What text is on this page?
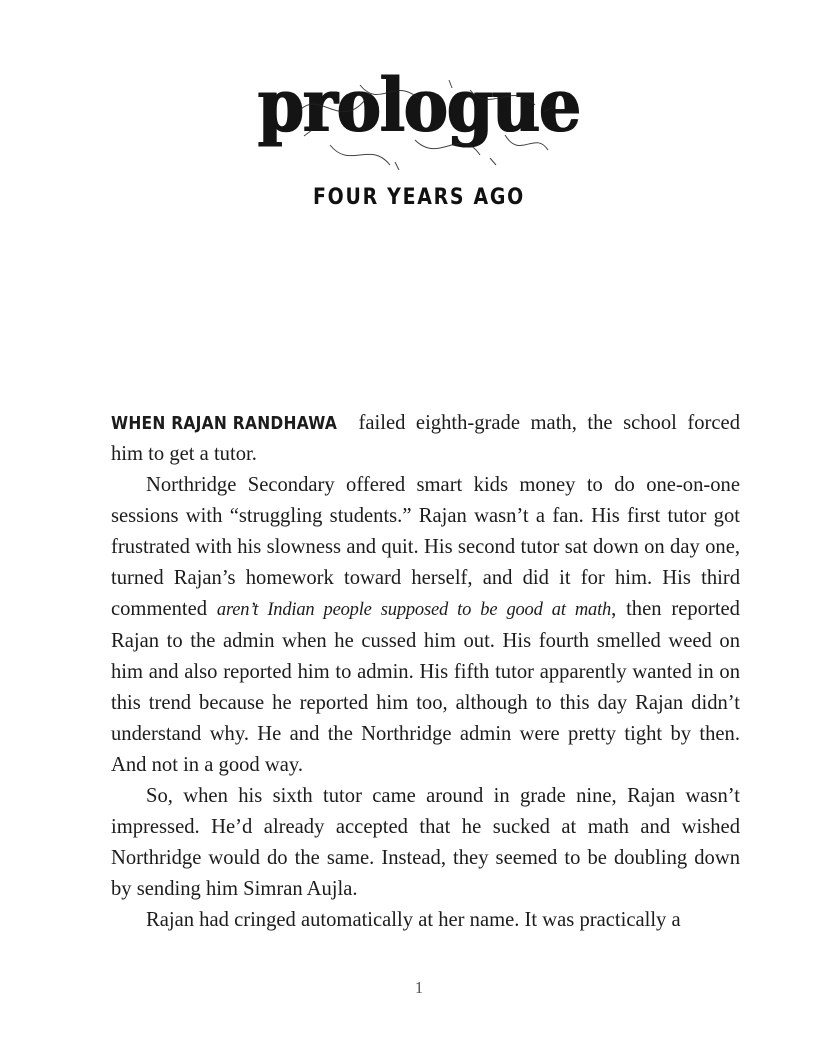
prologue
FOUR YEARS AGO

WHEN RAJAN RANDHAWA failed eighth-grade math, the school forced him to get a tutor.

Northridge Secondary offered smart kids money to do one-on-one sessions with “struggling students.” Rajan wasn’t a fan. His first tutor got frustrated with his slowness and quit. His second tutor sat down on day one, turned Rajan’s homework toward herself, and did it for him. His third commented aren’t Indian people supposed to be good at math, then reported Rajan to the admin when he cussed him out. His fourth smelled weed on him and also reported him to admin. His fifth tutor apparently wanted in on this trend because he reported him too, although to this day Rajan didn’t understand why. He and the Northridge admin were pretty tight by then. And not in a good way.

So, when his sixth tutor came around in grade nine, Rajan wasn’t impressed. He’d already accepted that he sucked at math and wished Northridge would do the same. Instead, they seemed to be doubling down by sending him Simran Aujla.

Rajan had cringed automatically at her name. It was practically a

1
